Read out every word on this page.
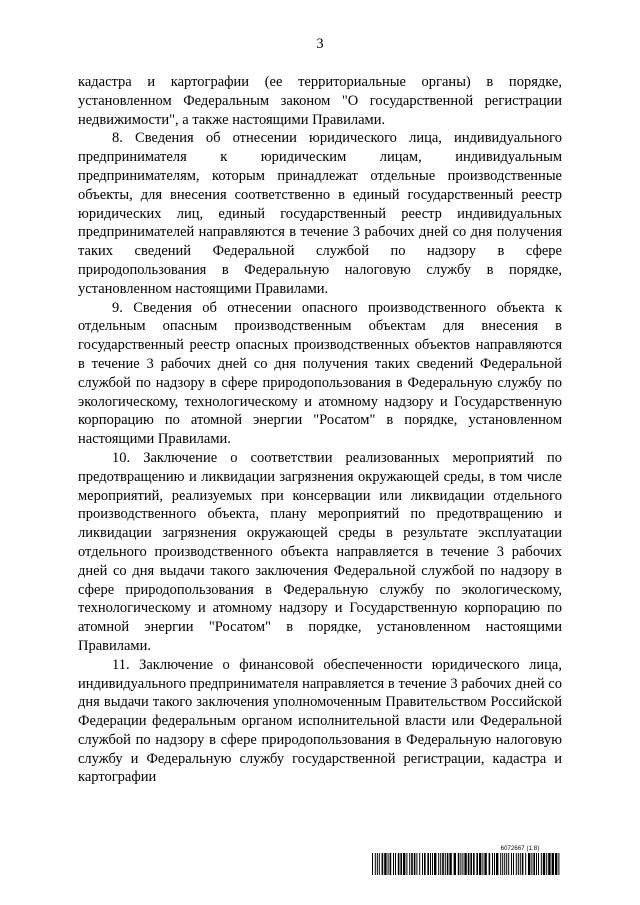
3

кадастра и картографии (ее территориальные органы) в порядке, установленном Федеральным законом "О государственной регистрации недвижимости", а также настоящими Правилами.

8. Сведения об отнесении юридического лица, индивидуального предпринимателя к юридическим лицам, индивидуальным предпринимателям, которым принадлежат отдельные производственные объекты, для внесения соответственно в единый государственный реестр юридических лиц, единый государственный реестр индивидуальных предпринимателей направляются в течение 3 рабочих дней со дня получения таких сведений Федеральной службой по надзору в сфере природопользования в Федеральную налоговую службу в порядке, установленном настоящими Правилами.

9. Сведения об отнесении опасного производственного объекта к отдельным опасным производственным объектам для внесения в государственный реестр опасных производственных объектов направляются в течение 3 рабочих дней со дня получения таких сведений Федеральной службой по надзору в сфере природопользования в Федеральную службу по экологическому, технологическому и атомному надзору и Государственную корпорацию по атомной энергии "Росатом" в порядке, установленном настоящими Правилами.

10. Заключение о соответствии реализованных мероприятий по предотвращению и ликвидации загрязнения окружающей среды, в том числе мероприятий, реализуемых при консервации или ликвидации отдельного производственного объекта, плану мероприятий по предотвращению и ликвидации загрязнения окружающей среды в результате эксплуатации отдельного производственного объекта направляется в течение 3 рабочих дней со дня выдачи такого заключения Федеральной службой по надзору в сфере природопользования в Федеральную службу по экологическому, технологическому и атомному надзору и Государственную корпорацию по атомной энергии "Росатом" в порядке, установленном настоящими Правилами.

11. Заключение о финансовой обеспеченности юридического лица, индивидуального предпринимателя направляется в течение 3 рабочих дней со дня выдачи такого заключения уполномоченным Правительством Российской Федерации федеральным органом исполнительной власти или Федеральной службой по надзору в сфере природопользования в Федеральную налоговую службу и Федеральную службу государственной регистрации, кадастра и картографии

6072667 (1.8)
